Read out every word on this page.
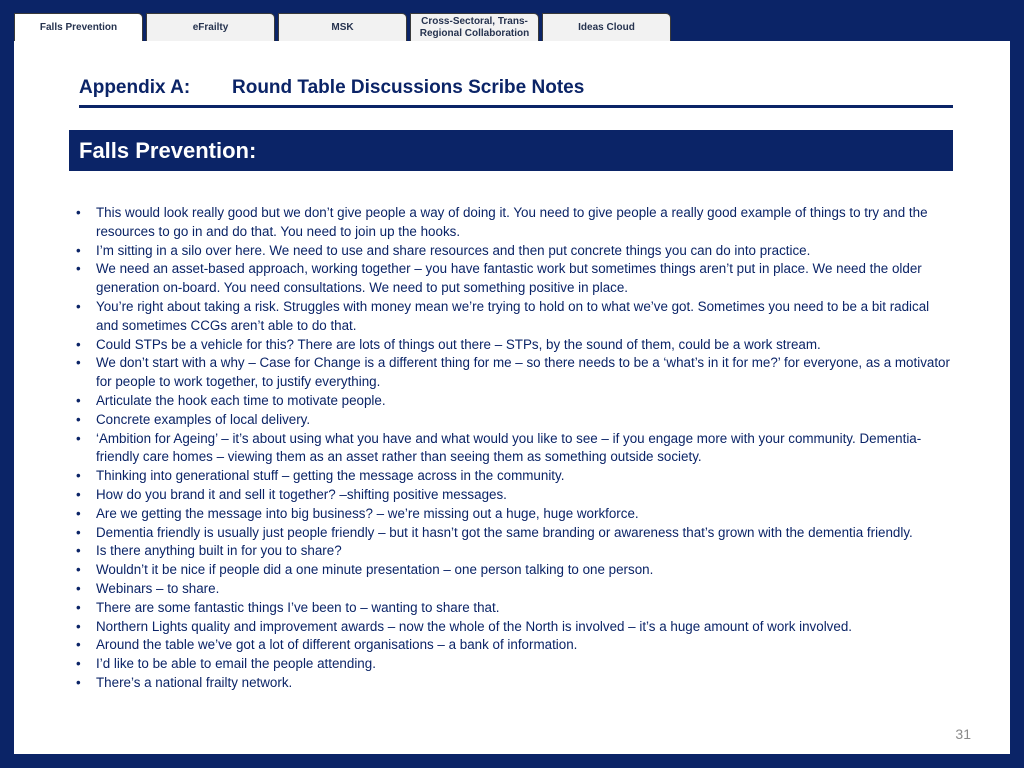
Falls Prevention	eFrailty	MSK
Cross-Sectoral, Trans-Regional Collaboration
Ideas Cloud
Appendix A:	Round Table Discussions Scribe Notes
Falls Prevention:
• This would look really good but we don’t give people a way of doing it. You need to give people a really good example of things to try and the resources to go in and do that. You need to join up the hooks.
• I’m sitting in a silo over here. We need to use and share resources and then put concrete things you can do into practice.
• We need an asset-based approach, working together – you have fantastic work but sometimes things aren’t put in place. We need the older generation on-board. You need consultations. We need to put something positive in place.
• You’re right about taking a risk. Struggles with money mean we’re trying to hold on to what we’ve got. Sometimes you need to be a bit radical and sometimes CCGs aren’t able to do that.
• Could STPs be a vehicle for this? There are lots of things out there – STPs, by the sound of them, could be a work stream.
• We don’t start with a why – Case for Change is a different thing for me – so there needs to be a ‘what’s in it for me?’ for everyone, as a motivator for people to work together, to justify everything.
• Articulate the hook each time to motivate people.
• Concrete examples of local delivery.
• ‘Ambition for Ageing’ – it’s about using what you have and what would you like to see – if you engage more with your community. Dementia-friendly care homes – viewing them as an asset rather than seeing them as something outside society.
• Thinking into generational stuff – getting the message across in the community.
• How do you brand it and sell it together? –shifting positive messages.
• Are we getting the message into big business? – we’re missing out a huge, huge workforce.
• Dementia friendly is usually just people friendly – but it hasn’t got the same branding or awareness that’s grown with the dementia friendly.
• Is there anything built in for you to share?
• Wouldn’t it be nice if people did a one minute presentation – one person talking to one person.
• Webinars – to share.
• There are some fantastic things I’ve been to – wanting to share that.
• Northern Lights quality and improvement awards – now the whole of the North is involved – it’s a huge amount of work involved.
• Around the table we’ve got a lot of different organisations – a bank of information.
• I’d like to be able to email the people attending.
• There’s a national frailty network.
31
